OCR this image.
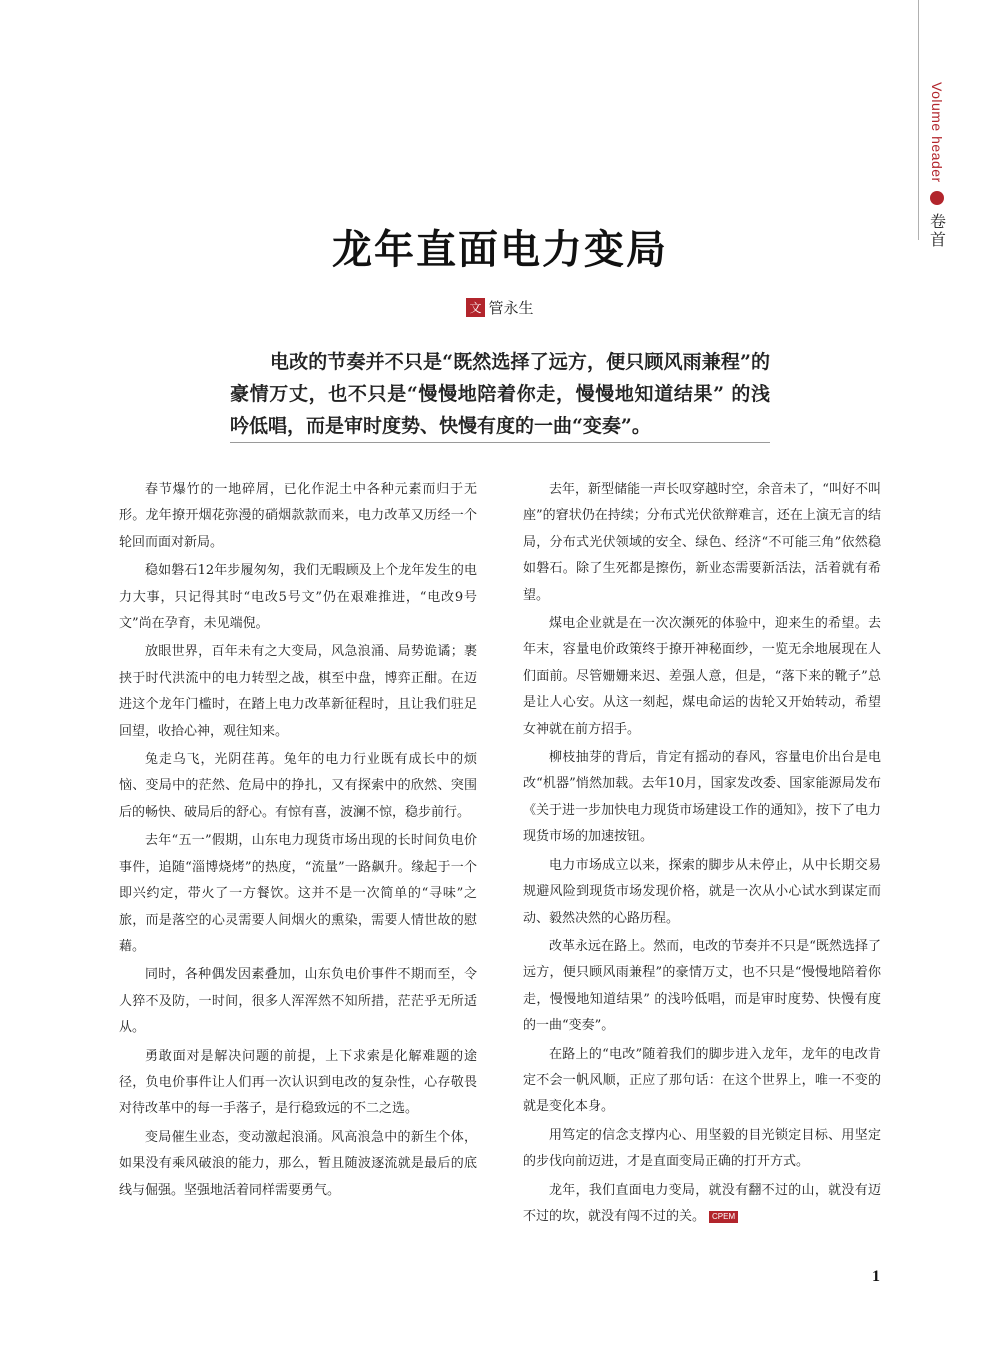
Volume header
卷首
龙年直面电力变局
文 管永生

电改的节奏并不只是“既然选择了远方，便只顾风雨兼程”的豪情万丈，也不只是“慢慢地陪着你走，慢慢地知道结果” 的浅吟低唱，而是审时度势、快慢有度的一曲“变奏”。

春节爆竹的一地碎屑，已化作泥土中各种元素而归于无形。龙年撩开烟花弥漫的硝烟款款而来，电力改革又历经一个轮回而面对新局。

稳如磐石12年步履匆匆，我们无暇顾及上个龙年发生的电力大事，只记得其时“电改5号文”仍在艰难推进，“电改9号文”尚在孕育，未见端倪。

放眼世界，百年未有之大变局，风急浪涌、局势诡谲；裹挟于时代洪流中的电力转型之战，棋至中盘，博弈正酣。在迈进这个龙年门槛时，在踏上电力改革新征程时，且让我们驻足回望，收拾心神，观往知来。

兔走乌飞，光阴荏苒。兔年的电力行业既有成长中的烦恼、变局中的茫然、危局中的挣扎，又有探索中的欣然、突围后的畅快、破局后的舒心。有惊有喜，波澜不惊，稳步前行。

去年“五一”假期，山东电力现货市场出现的长时间负电价事件，追随“淄博烧烤”的热度，“流量”一路飙升。缘起于一个即兴约定，带火了一方餐饮。这并不是一次简单的“寻味”之旅，而是落空的心灵需要人间烟火的熏染，需要人情世故的慰藉。

同时，各种偶发因素叠加，山东负电价事件不期而至，令人猝不及防，一时间，很多人浑浑然不知所措，茫茫乎无所适从。

勇敢面对是解决问题的前提，上下求索是化解难题的途径，负电价事件让人们再一次认识到电改的复杂性，心存敬畏对待改革中的每一手落子，是行稳致远的不二之选。

变局催生业态，变动激起浪涌。风高浪急中的新生个体，如果没有乘风破浪的能力，那么，暂且随波逐流就是最后的底线与倔强。坚强地活着同样需要勇气。

去年，新型储能一声长叹穿越时空，余音未了，“叫好不叫座”的窘状仍在持续；分布式光伏欲辩难言，还在上演无言的结局，分布式光伏领域的安全、绿色、经济“不可能三角”依然稳如磐石。除了生死都是擦伤，新业态需要新活法，活着就有希望。

煤电企业就是在一次次濒死的体验中，迎来生的希望。去年末，容量电价政策终于撩开神秘面纱，一览无余地展现在人们面前。尽管姗姗来迟、差强人意，但是，“落下来的靴子”总是让人心安。从这一刻起，煤电命运的齿轮又开始转动，希望女神就在前方招手。

柳枝抽芽的背后，肯定有摇动的春风，容量电价出台是电改“机器”悄然加载。去年10月，国家发改委、国家能源局发布《关于进一步加快电力现货市场建设工作的通知》，按下了电力现货市场的加速按钮。

电力市场成立以来，探索的脚步从未停止，从中长期交易规避风险到现货市场发现价格，就是一次从小心试水到谋定而动、毅然决然的心路历程。

改革永远在路上。然而，电改的节奏并不只是“既然选择了远方，便只顾风雨兼程”的豪情万丈，也不只是“慢慢地陪着你走，慢慢地知道结果” 的浅吟低唱，而是审时度势、快慢有度的一曲“变奏”。

在路上的“电改”随着我们的脚步进入龙年，龙年的电改肯定不会一帆风顺，正应了那句话：在这个世界上，唯一不变的就是变化本身。

用笃定的信念支撑内心、用坚毅的目光锁定目标、用坚定的步伐向前迈进，才是直面变局正确的打开方式。

龙年，我们直面电力变局，就没有翻不过的山，就没有迈不过的坎，就没有闯不过的关。 CPEM

1
